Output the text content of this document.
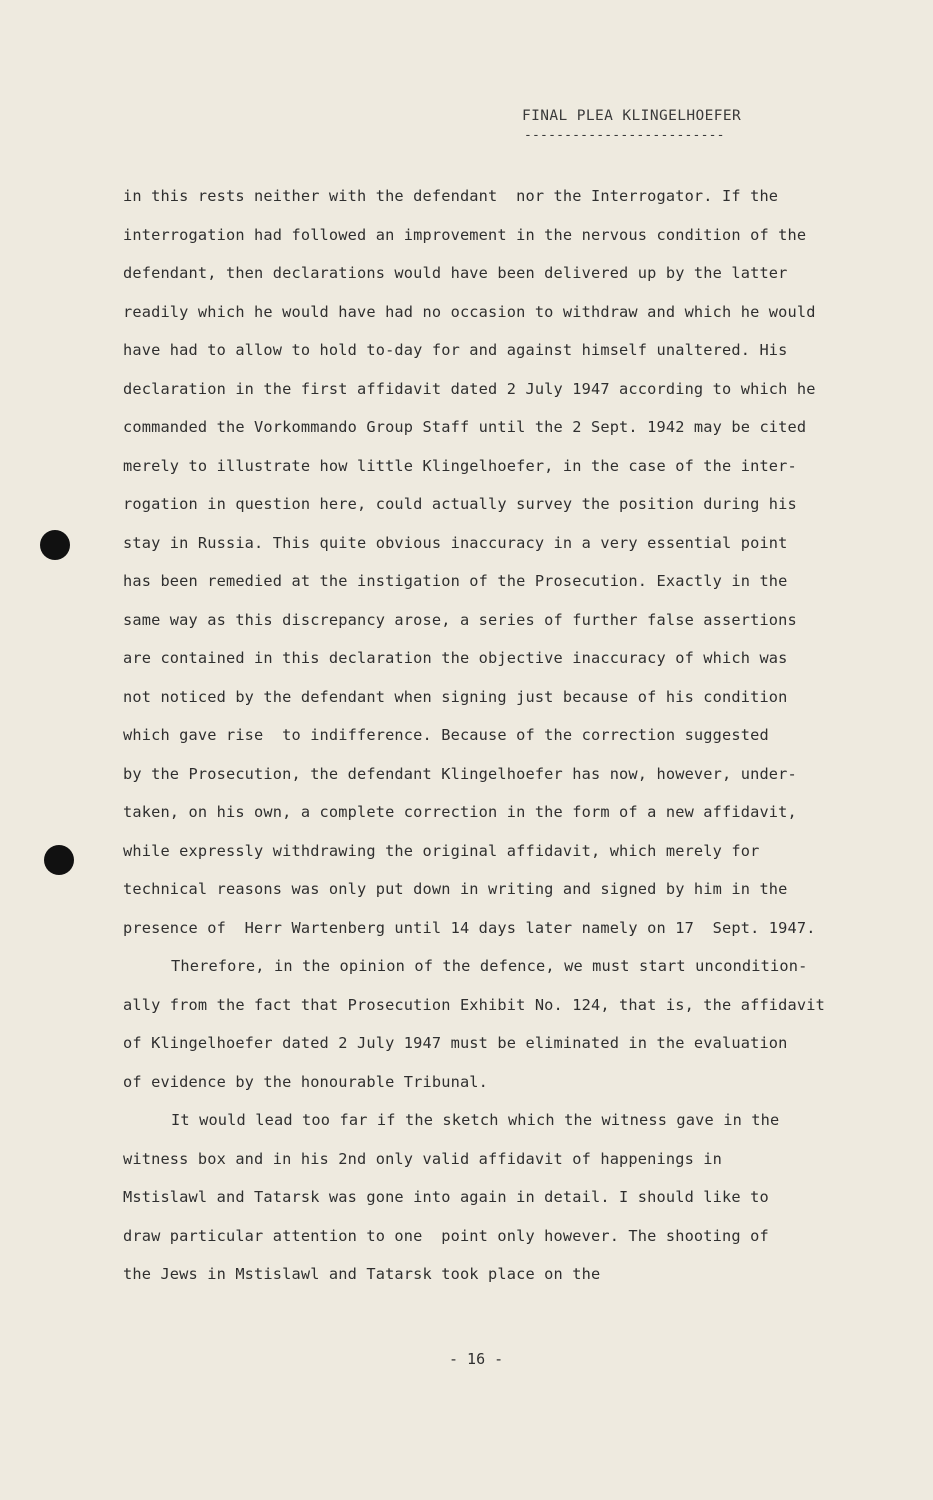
FINAL PLEA KLINGELHOEFER
-------------------------
in this rests neither with the defendant  nor the Interrogator. If the
interrogation had followed an improvement in the nervous condition of the
defendant, then declarations would have been delivered up by the latter
readily which he would have had no occasion to withdraw and which he would
have had to allow to hold to-day for and against himself unaltered. His
declaration in the first affidavit dated 2 July 1947 according to which he
commanded the Vorkommando Group Staff until the 2 Sept. 1942 may be cited
merely to illustrate how little Klingelhoefer, in the case of the inter-
rogation in question here, could actually survey the position during his
stay in Russia. This quite obvious inaccuracy in a very essential point
has been remedied at the instigation of the Prosecution. Exactly in the
same way as this discrepancy arose, a series of further false assertions
are contained in this declaration the objective inaccuracy of which was
not noticed by the defendant when signing just because of his condition
which gave rise  to indifference. Because of the correction suggested
by the Prosecution, the defendant Klingelhoefer has now, however, under-
taken, on his own, a complete correction in the form of a new affidavit,
while expressly withdrawing the original affidavit, which merely for
technical reasons was only put down in writing and signed by him in the
presence of  Herr Wartenberg until 14 days later namely on 17  Sept. 1947.
Therefore, in the opinion of the defence, we must start uncondition-
ally from the fact that Prosecution Exhibit No. 124, that is, the affidavit
of Klingelhoefer dated 2 July 1947 must be eliminated in the evaluation
of evidence by the honourable Tribunal.
It would lead too far if the sketch which the witness gave in the
witness box and in his 2nd only valid affidavit of happenings in
Mstislawl and Tatarsk was gone into again in detail. I should like to
draw particular attention to one  point only however. The shooting of
the Jews in Mstislawl and Tatarsk took place on the
- 16 -
